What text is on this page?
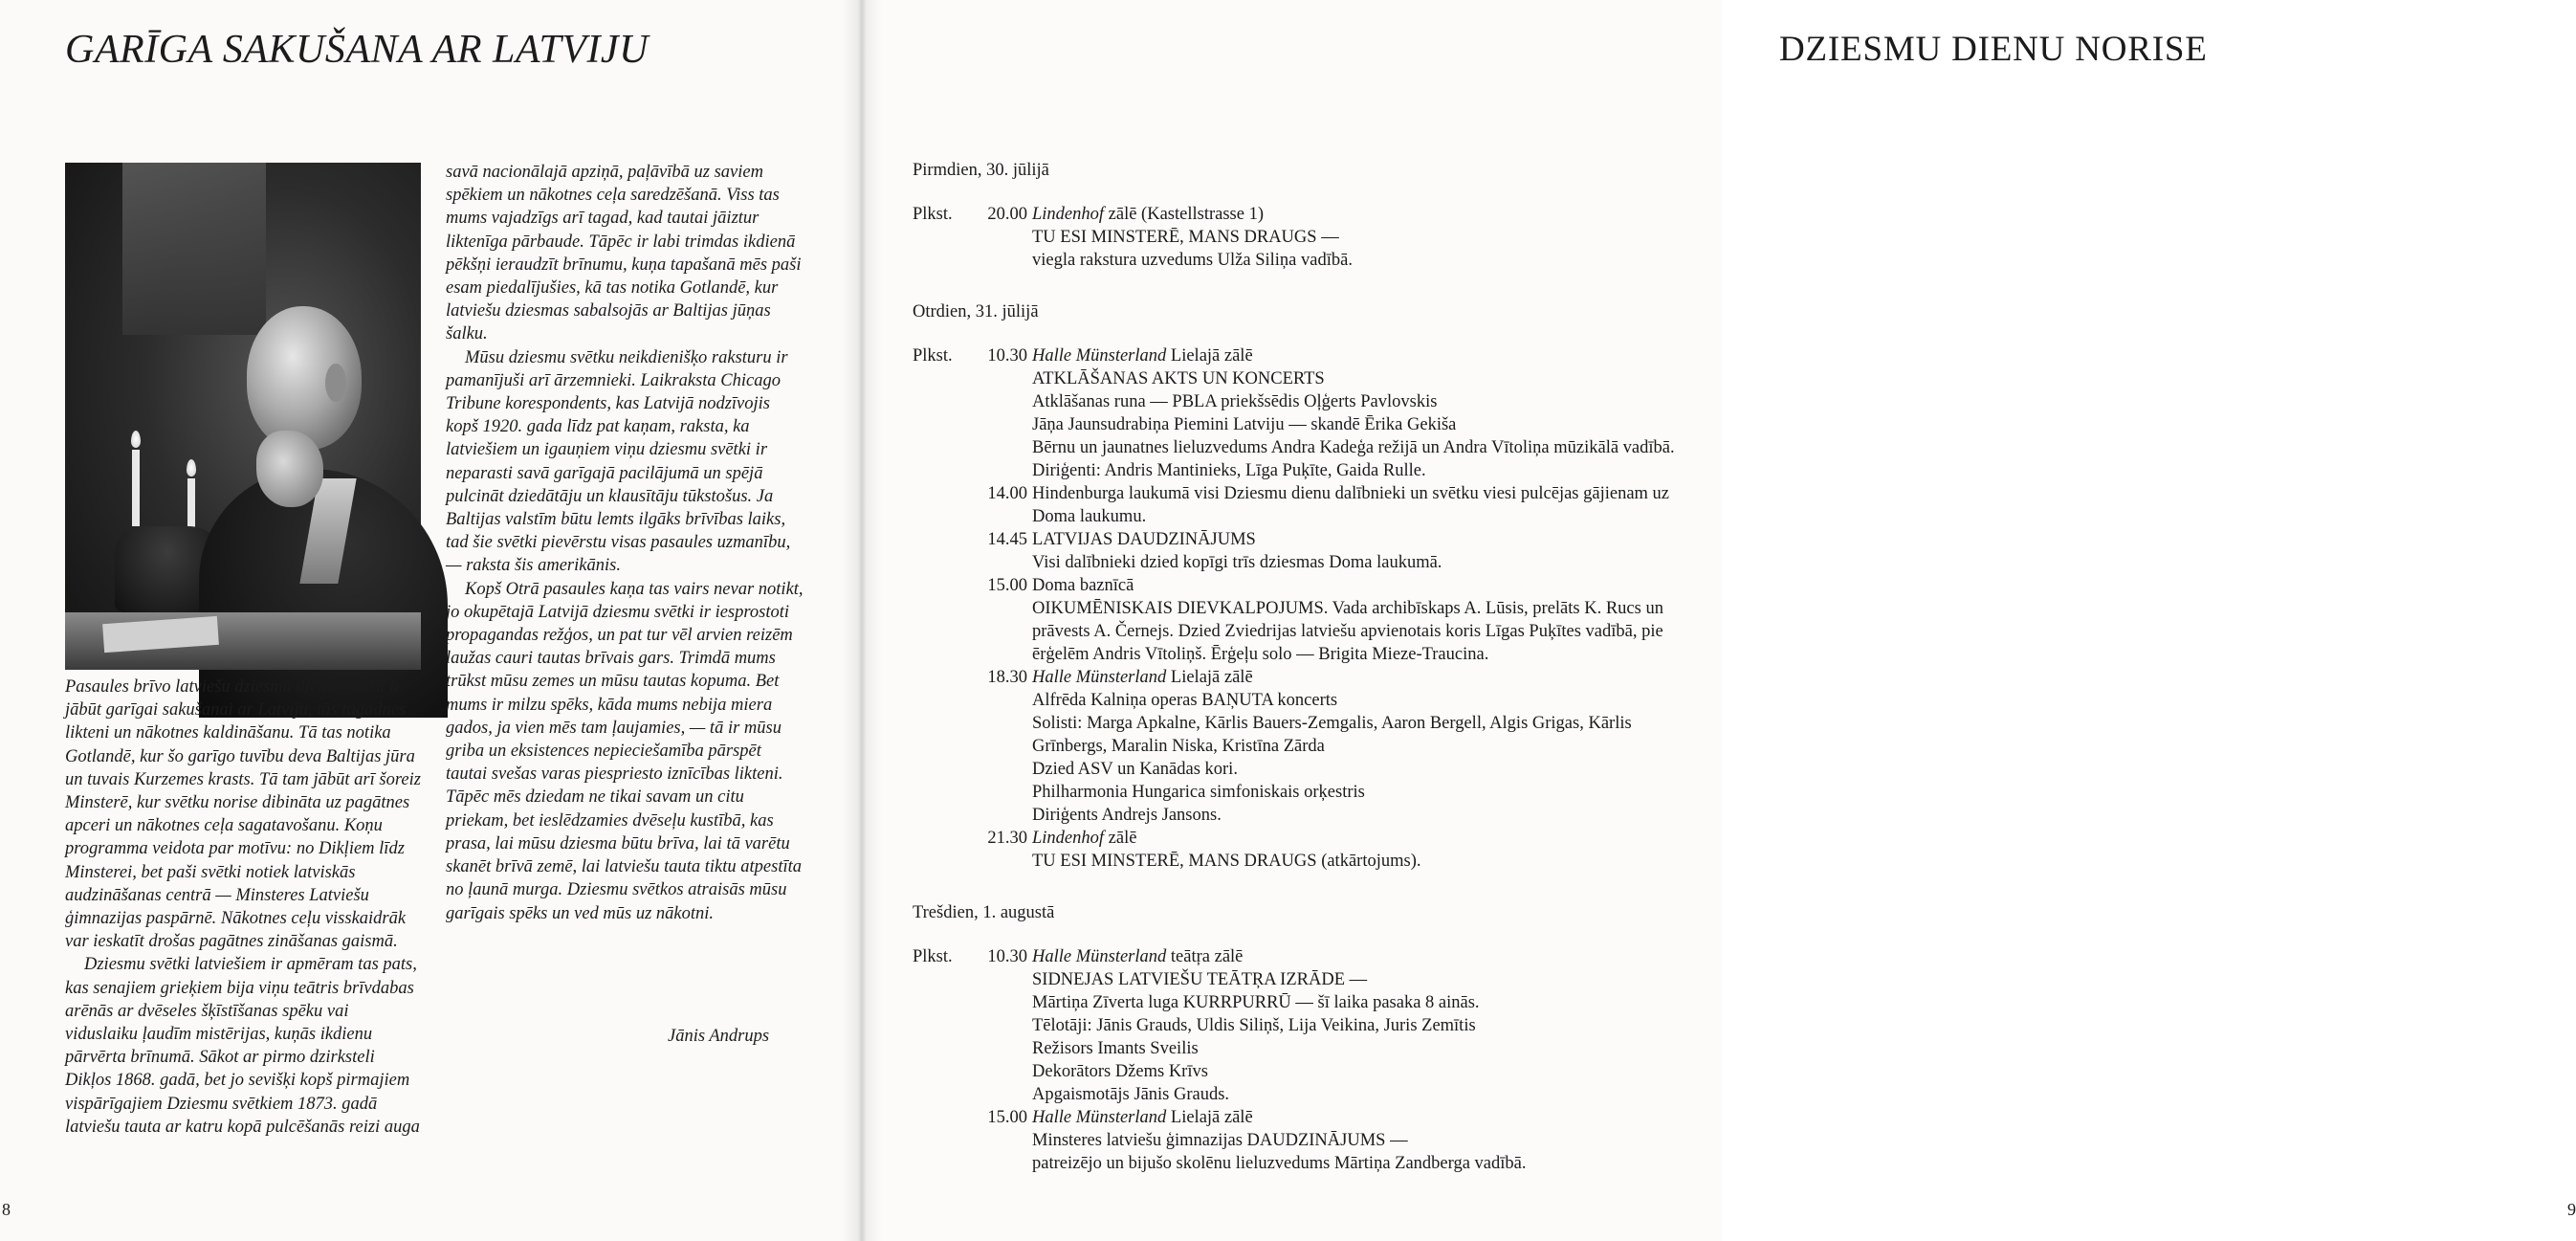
GARĪGA SAKUŠANA AR LATVIJU

Pasaules brīvo latviešu dziesmu dienu centrā ir jābūt garīgai sakušanai ar Latviju, tās tagadnes likteni un nākotnes kaldināšanu. Tā tas notika Gotlandē, kur šo garīgo tuvību deva Baltijas jūra un tuvais Kurzemes krasts. Tā tam jābūt arī šoreiz Minsterē, kur svētku norise dibināta uz pagātnes apceri un nākotnes ceļa sagatavošanu. Koņu programma veidota par motīvu: no Dikļiem līdz Minsterei, bet paši svētki notiek latviskās audzināšanas centrā — Minsteres Latviešu ģimnazijas paspārnē. Nākotnes ceļu visskaidrāk var ieskatīt drošas pagātnes zināšanas gaismā.

Dziesmu svētki latviešiem ir apmēram tas pats, kas senajiem grieķiem bija viņu teātris brīvdabas arēnās ar dvēseles šķīstīšanas spēku vai viduslaiku ļaudīm mistērijas, kuņās ikdienu pārvērta brīnumā. Sākot ar pirmo dzirksteli Dikļos 1868. gadā, bet jo sevišķi kopš pirmajiem vispārīgajiem Dziesmu svētkiem 1873. gadā latviešu tauta ar katru kopā pulcēšanās reizi auga

savā nacionālajā apziņā, paļāvībā uz saviem spēkiem un nākotnes ceļa saredzēšanā. Viss tas mums vajadzīgs arī tagad, kad tautai jāiztur liktenīga pārbaude. Tāpēc ir labi trimdas ikdienā pēkšņi ieraudzīt brīnumu, kuņa tapašanā mēs paši esam piedalījušies, kā tas notika Gotlandē, kur latviešu dziesmas sabalsojās ar Baltijas jūņas šalku.

Mūsu dziesmu svētku neikdienišķo raksturu ir pamanījuši arī ārzemnieki. Laikraksta Chicago Tribune korespondents, kas Latvijā nodzīvojis kopš 1920. gada līdz pat kaņam, raksta, ka latviešiem un igauņiem viņu dziesmu svētki ir neparasti savā garīgajā pacilājumā un spējā pulcināt dziedātāju un klausītāju tūkstošus. Ja Baltijas valstīm būtu lemts ilgāks brīvības laiks, tad šie svētki pievērstu visas pasaules uzmanību, — raksta šis amerikānis.

Kopš Otrā pasaules kaņa tas vairs nevar notikt, jo okupētajā Latvijā dziesmu svētki ir iesprostoti propagandas režģos, un pat tur vēl arvien reizēm laužas cauri tautas brīvais gars. Trimdā mums trūkst mūsu zemes un mūsu tautas kopuma. Bet mums ir milzu spēks, kāda mums nebija miera gados, ja vien mēs tam ļaujamies, — tā ir mūsu griba un eksistences nepieciešamība pārspēt tautai svešas varas piespriesto iznīcības likteni. Tāpēc mēs dziedam ne tikai savam un citu priekam, bet ieslēdzamies dvēseļu kustībā, kas prasa, lai mūsu dziesma būtu brīva, lai tā varētu skanēt brīvā zemē, lai latviešu tauta tiktu atpestīta no ļaunā murga. Dziesmu svētkos atraisās mūsu garīgais spēks un ved mūs uz nākotni.

Jānis Andrups
8
DZIESMU DIENU NORISE
9
Pirmdien, 30. jūlijā
Plkst. 20.00 Lindenhof zālē (Kastellstrasse 1)
TU ESI MINSTERĒ, MANS DRAUGS —
viegla rakstura uzvedums Ulža Siliņa vadībā.
Otrdien, 31. jūlijā
Plkst. 10.30 Halle Münsterland Lielajā zālē
ATKLĀŠANAS AKTS UN KONCERTS
Atklāšanas runa — PBLA priekšsēdis Oļģerts Pavlovskis
Jāņa Jaunsudrabiņa Piemini Latviju — skandē Ērika Gekiša
Bērnu un jaunatnes lieluzvedums Andra Kadeģa režijā un Andra Vītoliņa mūzikālā vadībā. Diriģenti: Andris Mantinieks, Līga Puķīte, Gaida Rulle.
14.00 Hindenburga laukumā visi Dziesmu dienu dalībnieki un svētku viesi pulcējas gājienam uz Doma laukumu.
14.45 LATVIJAS DAUDZINĀJUMS
Visi dalībnieki dzied kopīgi trīs dziesmas Doma laukumā.
15.00 Doma baznīcā
OIKUMĒNISKAIS DIEVKALPOJUMS. Vada archibīskaps A. Lūsis, prelāts K. Rucs un prāvests A. Černejs. Dzied Zviedrijas latviešu apvienotais koris Līgas Puķītes vadībā, pie ērģelēm Andris Vītoliņš. Ērģeļu solo — Brigita Mieze-Traucina.
18.30 Halle Münsterland Lielajā zālē
Alfrēda Kalniņa operas BAŅUTA koncerts
Solisti: Marga Apkalne, Kārlis Bauers-Zemgalis, Aaron Bergell, Algis Grigas, Kārlis Grīnbergs, Maralin Niska, Kristīna Zārda
Dzied ASV un Kanādas kori.
Philharmonia Hungarica simfoniskais orķestris
Diriģents Andrejs Jansons.
21.30 Lindenhof zālē
TU ESI MINSTERĒ, MANS DRAUGS (atkārtojums).
Trešdien, 1. augustā
Plkst. 10.30 Halle Münsterland teātŗa zālē
SIDNEJAS LATVIEŠU TEĀTŖA IZRĀDE —
Mārtiņa Zīverta luga KURRPURRŪ — šī laika pasaka 8 ainās.
Tēlotāji: Jānis Grauds, Uldis Siliņš, Lija Veikina, Juris Zemītis
Režisors Imants Sveilis
Dekorātors Džems Krīvs
Apgaismotājs Jānis Grauds.
15.00 Halle Münsterland Lielajā zālē
Minsteres latviešu ģimnazijas DAUDZINĀJUMS —
patreizējo un bijušo skolēnu lieluzvedums Mārtiņa Zandberga vadībā.
